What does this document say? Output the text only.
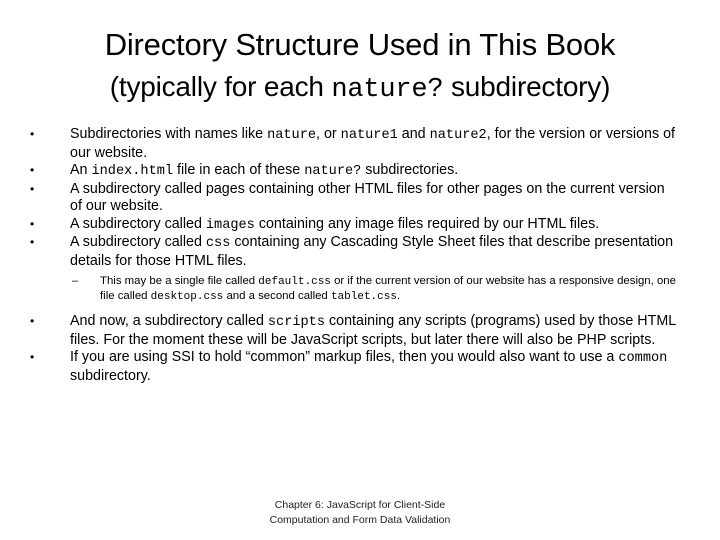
Directory Structure Used in This Book
(typically for each nature? subdirectory)
•	Subdirectories with names like nature, or nature1 and nature2, for the version or versions of our website.
•	An index.html file in each of these nature? subdirectories.
•	A subdirectory called pages containing other HTML files for other pages on the current version of our website.
•	A subdirectory called images containing any image files required by our HTML files.
•	A subdirectory called css containing any Cascading Style Sheet files that describe presentation details for those HTML files.
– This may be a single file called default.css or if the current version of our website has a responsive design, one file called desktop.css and a second called tablet.css.
•	And now, a subdirectory called scripts containing any scripts (programs) used by those HTML files. For the moment these will be JavaScript scripts, but later there will also be PHP scripts.
•	If you are using SSI to hold “common” markup files, then you would also want to use a common subdirectory.
Chapter 6: JavaScript for Client-Side
Computation and Form Data Validation
